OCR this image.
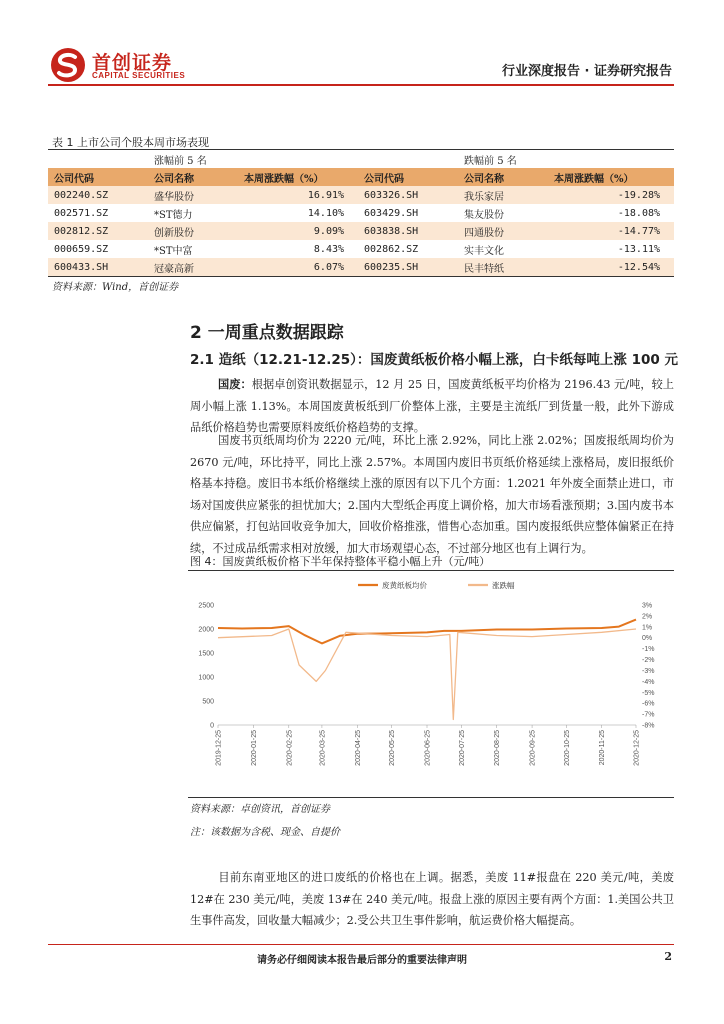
首创证券
CAPITAL SECURITIES	行业深度报告 · 证券研究报告
表 1 上市公司个股本周市场表现
	涨幅前 5 名			跌幅前 5 名	
公司代码	公司名称	本周涨跌幅（%）	公司代码	公司名称	本周涨跌幅（%）
002240.SZ	盛华股份	16.91%	603326.SH	我乐家居	-19.28%
002571.SZ	*ST德力	14.10%	603429.SH	集友股份	-18.08%
002812.SZ	创新股份	9.09%	603838.SH	四通股份	-14.77%
000659.SZ	*ST中富	8.43%	002862.SZ	实丰文化	-13.11%
600433.SH	冠豪高新	6.07%	600235.SH	民丰特纸	-12.54%
资料来源：Wind，首创证券
2 一周重点数据跟踪
2.1 造纸（12.21-12.25）：国废黄纸板价格小幅上涨，白卡纸每吨上涨 100 元
国废：根据卓创资讯数据显示，12 月 25 日，国废黄纸板平均价格为 2196.43 元/吨，较上周小幅上涨 1.13%。本周国废黄板纸到厂价整体上涨，主要是主流纸厂到货量一般，此外下游成品纸价格趋势也需要原料废纸价格趋势的支撑。
国废书页纸周均价为 2220 元/吨，环比上涨 2.92%，同比上涨 2.02%；国废报纸周均价为 2670 元/吨，环比持平，同比上涨 2.57%。本周国内废旧书页纸价格延续上涨格局，废旧报纸价格基本持稳。废旧书本纸价格继续上涨的原因有以下几个方面：1.2021 年外废全面禁止进口，市场对国废供应紧张的担忧加大；2.国内大型纸企再度上调价格，加大市场看涨预期；3.国内废书本供应偏紧，打包站回收竞争加大，回收价格推涨，惜售心态加重。国内废报纸供应整体偏紧正在持续，不过成品纸需求相对放缓，加大市场观望心态，不过部分地区也有上调行为。
图 4：国废黄纸板价格下半年保持整体平稳小幅上升（元/吨）
2500
2000
1500
1000
500
0
3%
2%
1%
0%
-1%
-2%
-3%
-4%
-5%
-6%
-7%
-8%
2019-12-25	2020-01-25	2020-02-25	2020-03-25	2020-04-25	2020-05-25	2020-06-25	2020-07-25	2020-08-25	2020-09-25	2020-10-25	2020-11-25	2020-12-25
废黄纸板均价	涨跌幅
资料来源：卓创资讯，首创证券
注：该数据为含税、现金、自提价
目前东南亚地区的进口废纸的价格也在上调。据悉，美废 11#报盘在 220 美元/吨，美废 12#在 230 美元/吨，美废 13#在 240 美元/吨。报盘上涨的原因主要有两个方面：1.美国公共卫生事件高发，回收量大幅减少；2.受公共卫生事件影响，航运费价格大幅提高。
请务必仔细阅读本报告最后部分的重要法律声明	2
